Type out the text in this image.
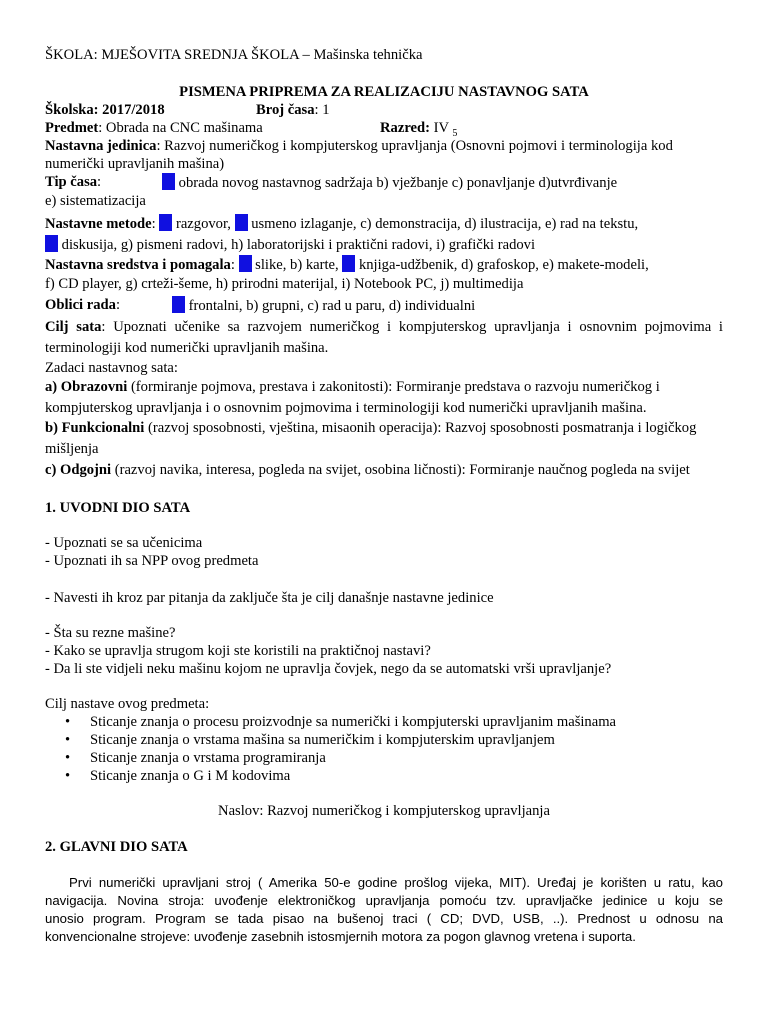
ŠKOLA: MJEŠOVITA SREDNJA ŠKOLA – Mašinska tehnička
PISMENA PRIPREMA ZA REALIZACIJU NASTAVNOG SATA
Školska: 2017/2018	Broj časa: 1
Predmet: Obrada na CNC mašinama	Razred: IV $_5$
Nastavna jedinica: Razvoj numeričkog i kompjuterskog upravljanja (Osnovni pojmovi i terminologija kod
numerički upravljanih mašina)
Tip časa:	obrada novog nastavnog sadržaja b) vježbanje c) ponavljanje d)utvrđivanje
e) sistematizacija
Nastavne metode:  razgovor,  usmeno izlaganje, c) demonstracija, d) ilustracija, e) rad na tekstu,
diskusija, g) pismeni radovi, h) laboratorijski i praktični radovi, i) grafički radovi
Nastavna sredstva i pomagala:  slike, b) karte,  knjiga-udžbenik, d) grafoskop, e) makete-modeli,
f) CD player, g) crteži-šeme, h) prirodni materijal, i) Notebook PC, j) multimedija
Oblici rada:	frontalni, b) grupni, c) rad u paru, d) individualni
Cilj sata: Upoznati učenike sa razvojem numeričkog i kompjuterskog upravljanja i osnovnim pojmovima i
terminologiji kod numerički upravljanih mašina.
Zadaci nastavnog sata:
a) Obrazovni (formiranje pojmova, prestava i zakonitosti): Formiranje predstava o razvoju numeričkog i
kompjuterskog upravljanja i o osnovnim pojmovima i terminologiji kod numerički upravljanih mašina.
b) Funkcionalni (razvoj sposobnosti, vještina, misaonih operacija): Razvoj sposobnosti posmatranja i logičkog
mišljenja
c) Odgojni (razvoj navika, interesa, pogleda na svijet, osobina ličnosti): Formiranje naučnog pogleda na svijet
1. UVODNI DIO SATA
- Upoznati se sa učenicima
- Upoznati ih sa NPP ovog predmeta
- Navesti ih kroz par pitanja da zaključe šta je cilj današnje nastavne jedinice
- Šta su rezne mašine?
- Kako se upravlja strugom koji ste koristili na praktičnoj nastavi?
- Da li ste vidjeli neku mašinu kojom ne upravlja čovjek, nego da se automatski vrši upravljanje?
Cilj nastave ovog predmeta:
• Sticanje znanja o procesu proizvodnje sa numerički i kompjuterski upravljanim mašinama
• Sticanje znanja o vrstama mašina sa numeričkim i kompjuterskim upravljanjem
• Sticanje znanja o vrstama programiranja
• Sticanje znanja o G i M kodovima
Naslov: Razvoj numeričkog i kompjuterskog upravljanja
2. GLAVNI DIO SATA
Prvi numerički upravljani stroj ( Amerika 50-e godine prošlog vijeka, MIT). Uređaj je korišten u ratu, kao
navigacija. Novina stroja: uvođenje elektroničkog upravljanja pomoću tzv. upravljačke jedinice u koju se
unosio program. Program se tada pisao na bušenoj traci ( CD; DVD, USB, ..). Prednost u odnosu na
konvencionalne strojeve: uvođenje zasebnih istosmjernih motora za pogon glavnog vretena i suporta.
